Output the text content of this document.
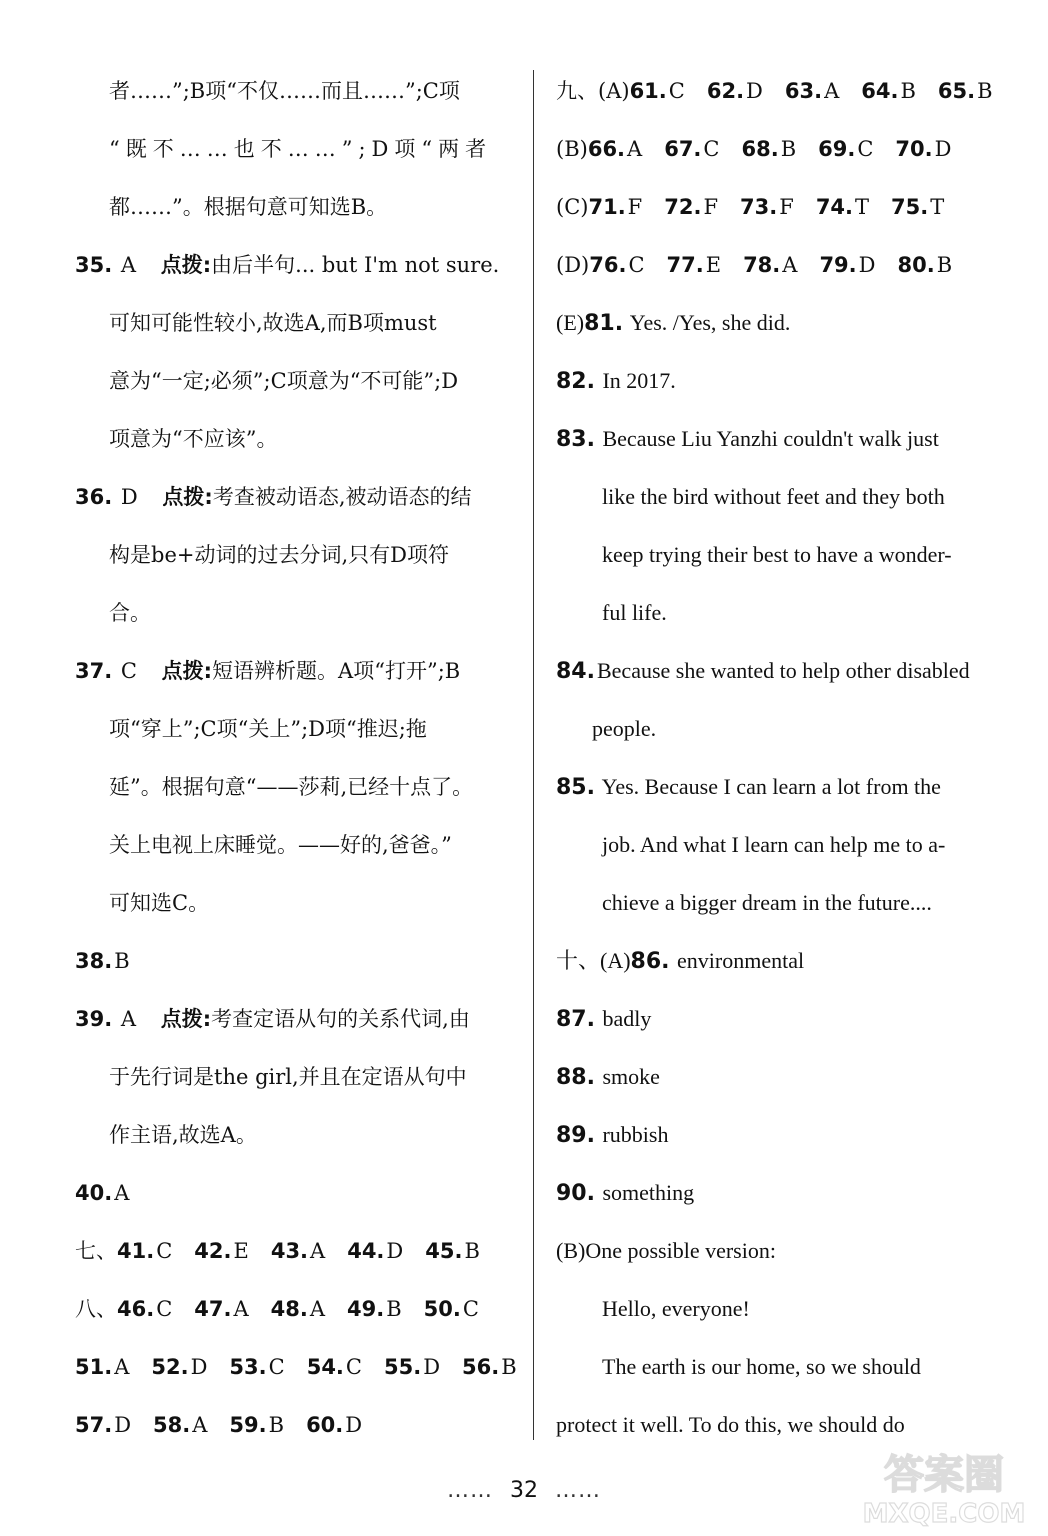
者……”;B项“不仅……而且……”;C项
“既不……也不……”;D项“两者
都……”。根据句意可知选B。
35. A 点拨:由后半句... but I'm not sure.
可知可能性较小,故选A,而B项must
意为“一定;必须”;C项意为“不可能”;D
项意为“不应该”。
36. D 点拨:考查被动语态,被动语态的结
构是be+动词的过去分词,只有D项符
合。
37. C 点拨:短语辨析题。A项“打开”;B
项“穿上”;C项“关上”;D项“推迟;拖
延”。根据句意“——莎莉,已经十点了。
关上电视上床睡觉。——好的,爸爸。”
可知选C。
38.B
39. A 点拨:考查定语从句的关系代词,由
于先行词是the girl,并且在定语从句中
作主语,故选A。
40.A
七、41.C 42.E 43.A 44.D 45.B
八、46.C 47.A 48.A 49.B 50.C
51.A 52.D 53.C 54.C 55.D 56.B
57.D 58.A 59.B 60.D
九、(A)61.C 62.D 63.A 64.B 65.B
(B)66.A 67.C 68.B 69.C 70.D
(C)71.F 72.F 73.F 74.T 75.T
(D)76.C 77.E 78.A 79.D 80.B
(E)81. Yes. /Yes, she did.
82. In 2017.
83. Because Liu Yanzhi couldn't walk just
like the bird without feet and they both
keep trying their best to have a wonder-
ful life.
84.Because she wanted to help other disabled
people.
85. Yes. Because I can learn a lot from the
job. And what I learn can help me to a-
chieve a bigger dream in the future....
十、(A)86. environmental
87. badly
88. smoke
89. rubbish
90. something
(B)One possible version:
Hello, everyone!
The earth is our home, so we should
protect it well. To do this, we should do
…… 32 ……	答案圈
MXQE.COM
